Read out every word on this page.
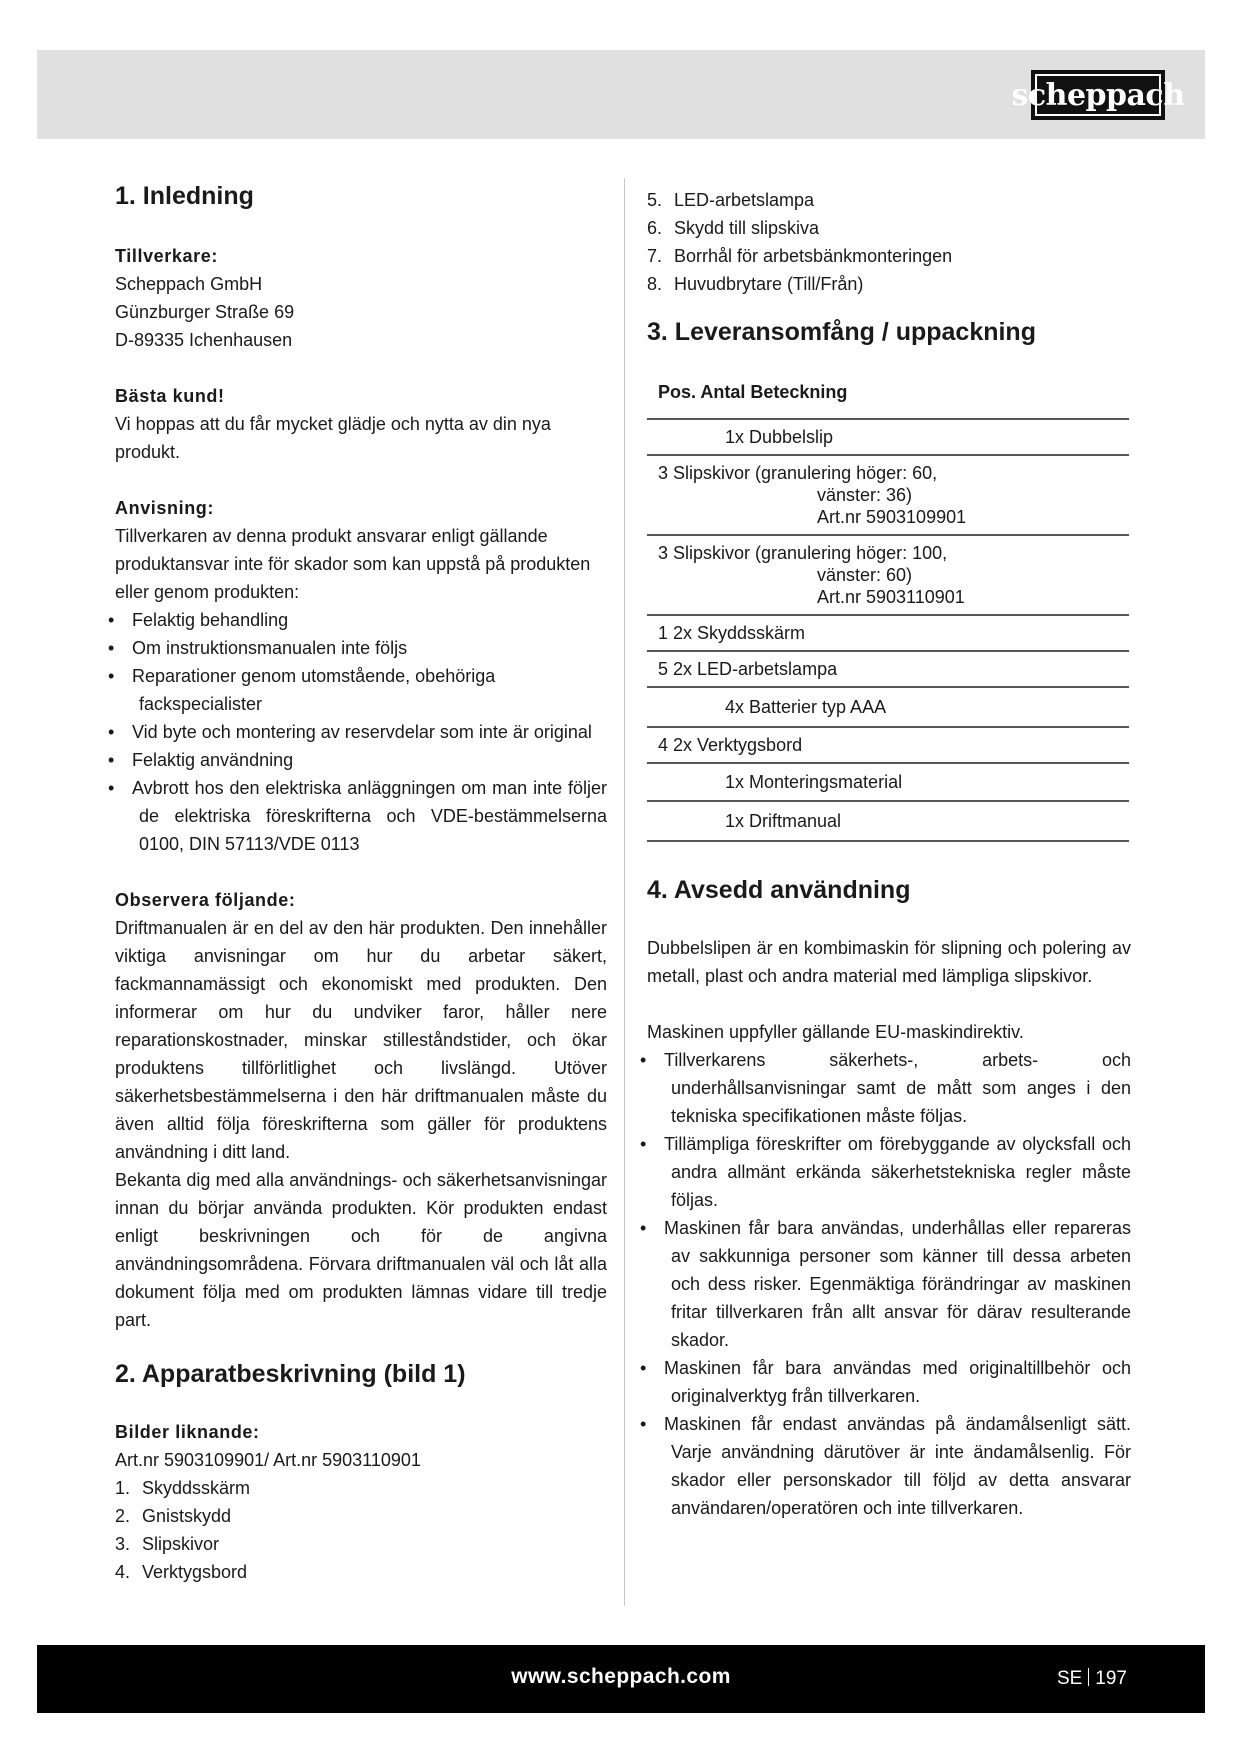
scheppach
1. Inledning
Tillverkare:
Scheppach GmbH
Günzburger Straße 69
D-89335 Ichenhausen
Bästa kund!

Vi hoppas att du får mycket glädje och nytta av din nya produkt.

Anvisning:

Tillverkaren av denna produkt ansvarar enligt gällande produktansvar inte för skador som kan uppstå på produkten eller genom produkten:

• Felaktig behandling
• Om instruktionsmanualen inte följs
• Reparationer genom utomstående, obehöriga fackspecialister
• Vid byte och montering av reservdelar som inte är original
• Felaktig användning
• Avbrott hos den elektriska anläggningen om man inte följer de elektriska föreskrifterna och VDE-bestämmelserna 0100, DIN 57113/VDE 0113
Observera följande:

Driftmanualen är en del av den här produkten. Den innehåller viktiga anvisningar om hur du arbetar säkert, fackmannamässigt och ekonomiskt med produkten. Den informerar om hur du undviker faror, håller nere reparationskostnader, minskar stilleståndstider, och ökar produktens tillförlitlighet och livslängd. Utöver säkerhetsbestämmelserna i den här driftmanualen måste du även alltid följa föreskrifterna som gäller för produktens användning i ditt land.

Bekanta dig med alla användnings- och säkerhetsanvisningar innan du börjar använda produkten. Kör produkten endast enligt beskrivningen och för de angivna användningsområdena. Förvara driftmanualen väl och låt alla dokument följa med om produkten lämnas vidare till tredje part.

2. Apparatbeskrivning (bild 1)
Bilder liknande:
Art.nr 5903109901/ Art.nr 5903110901
1. Skyddsskärm
2. Gnistskydd
3. Slipskivor
4. Verktygsbord
5. LED-arbetslampa
6. Skydd till slipskiva
7. Borrhål för arbetsbänkmonteringen
8. Huvudbrytare (Till/Från)
3. Leveransomfång / uppackning
Pos. Antal Beteckning
1x Dubbelslip
3 Slipskivor (granulering höger: 60,
vänster: 36)
Art.nr 5903109901
3 Slipskivor (granulering höger: 100,
vänster: 60)
Art.nr 5903110901
1 2x Skyddsskärm
5 2x LED-arbetslampa
4x Batterier typ AAA
4 2x Verktygsbord
1x Monteringsmaterial
1x Driftmanual
4. Avsedd användning

Dubbelslipen är en kombimaskin för slipning och polering av metall, plast och andra material med lämpliga slipskivor.

Maskinen uppfyller gällande EU-maskindirektiv.

• Tillverkarens säkerhets-, arbets- och underhållsanvisningar samt de mått som anges i den tekniska specifikationen måste följas.
• Tillämpliga föreskrifter om förebyggande av olycksfall och andra allmänt erkända säkerhetstekniska regler måste följas.
• Maskinen får bara användas, underhållas eller repareras av sakkunniga personer som känner till dessa arbeten och dess risker. Egenmäktiga förändringar av maskinen fritar tillverkaren från allt ansvar för därav resulterande skador.
• Maskinen får bara användas med originaltillbehör och originalverktyg från tillverkaren.
• Maskinen får endast användas på ändamålsenligt sätt. Varje användning därutöver är inte ändamålsenlig. För skador eller personskador till följd av detta ansvarar användaren/operatören och inte tillverkaren.
www.scheppach.com	SE 197
